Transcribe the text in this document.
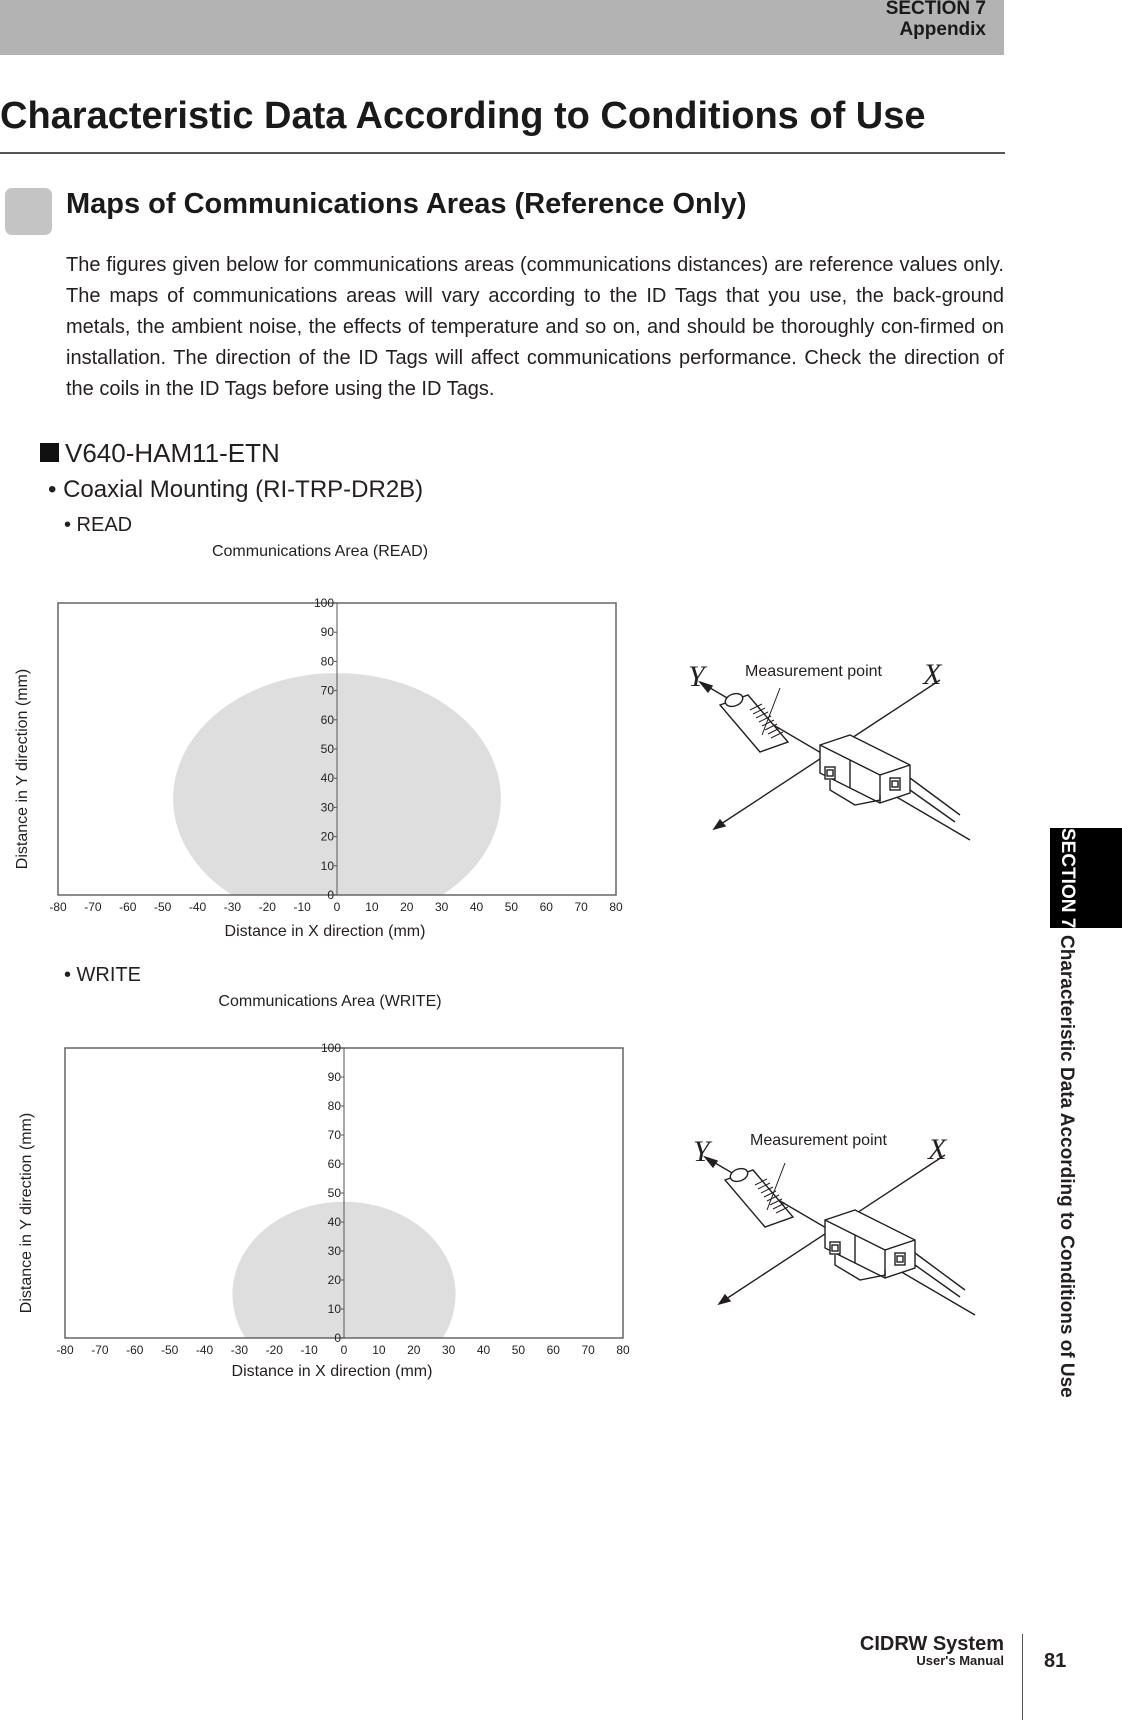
SECTION 7
Appendix
Characteristic Data According to Conditions of Use
Maps of Communications Areas (Reference Only)

The figures given below for communications areas (communications distances) are reference values only. The maps of communications areas will vary according to the ID Tags that you use, the back-ground metals, the ambient noise, the effects of temperature and so on, and should be thoroughly con-firmed on installation. The direction of the ID Tags will affect communications performance. Check the direction of the coils in the ID Tags before using the ID Tags.

V640-HAM11-ETN
• Coaxial Mounting (RI-TRP-DR2B)
• READ
• WRITE
Communications Area (READ)
0
10
20
30
40
50
60
70
80
90
100
-80 -70 -60 -50 -40 -30 -20 -10 0 10 20 30 40 50 60 70 80
Distance in X direction (mm)
Distance in Y direction (mm)
Communications Area (WRITE)
0
10
20
30
40
50
60
70
80
90
100
-80 -70 -60 -50 -40 -30 -20 -10 0 10 20 30 40 50 60 70 80
Distance in X direction (mm)
Distance in Y direction (mm)
Measurement point
Y	X
Measurement point
Y	X
SECTION 7
Characteristic Data According to Conditions of Use
CIDRW System
User's Manual 81
